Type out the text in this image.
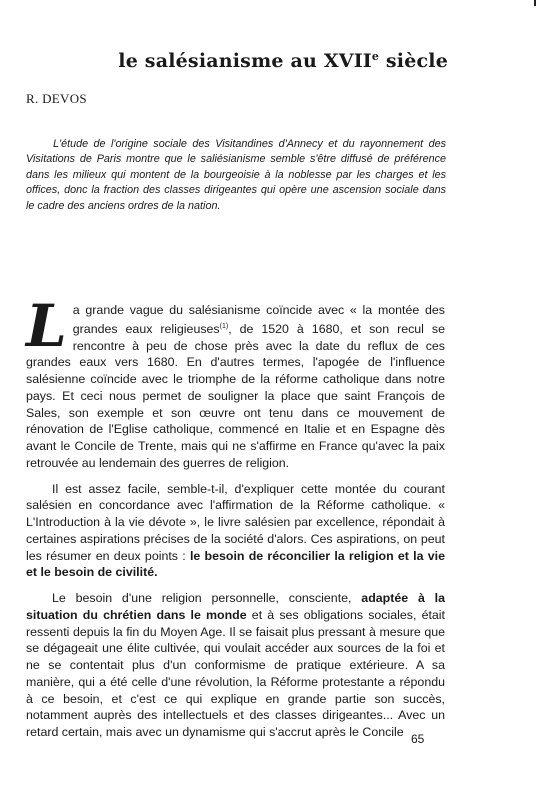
le salésianisme au XVIIe siècle

R. DEVOS

L'étude de l'origine sociale des Visitandines d'Annecy et du rayonnement des Visitations de Paris montre que le saliésianisme semble s'être diffusé de préférence dans les milieux qui montent de la bourgeoisie à la noblesse par les charges et les offices, donc la fraction des classes dirigeantes qui opère une ascension sociale dans le cadre des anciens ordres de la nation.

La grande vague du salésianisme coïncide avec « la montée des grandes eaux religieuses$^{(1)}$, de 1520 à 1680, et son recul se rencontre à peu de chose près avec la date du reflux de ces grandes eaux vers 1680. En d'autres termes, l'apogée de l'influence salésienne coïncide avec le triomphe de la réforme catholique dans notre pays. Et ceci nous permet de souligner la place que saint François de Sales, son exemple et son œuvre ont tenu dans ce mouvement de rénovation de l'Eglise catholique, commencé en Italie et en Espagne dès avant le Concile de Trente, mais qui ne s'affirme en France qu'avec la paix retrouvée au lendemain des guerres de religion.

Il est assez facile, semble-t-il, d'expliquer cette montée du courant salésien en concordance avec l'affirmation de la Réforme catholique. « L'Introduction à la vie dévote », le livre salésien par excellence, répondait à certaines aspirations précises de la société d'alors. Ces aspirations, on peut les résumer en deux points : le besoin de réconcilier la religion et la vie et le besoin de civilité.

Le besoin d'une religion personnelle, consciente, adaptée à la situation du chrétien dans le monde et à ses obligations sociales, était ressenti depuis la fin du Moyen Age. Il se faisait plus pressant à mesure que se dégageait une élite cultivée, qui voulait accéder aux sources de la foi et ne se contentait plus d'un conformisme de pratique extérieure. A sa manière, qui a été celle d'une révolution, la Réforme protestante a répondu à ce besoin, et c'est ce qui explique en grande partie son succès, notamment auprès des intellectuels et des classes dirigeantes... Avec un retard certain, mais avec un dynamisme qui s'accrut après le Concile 65
